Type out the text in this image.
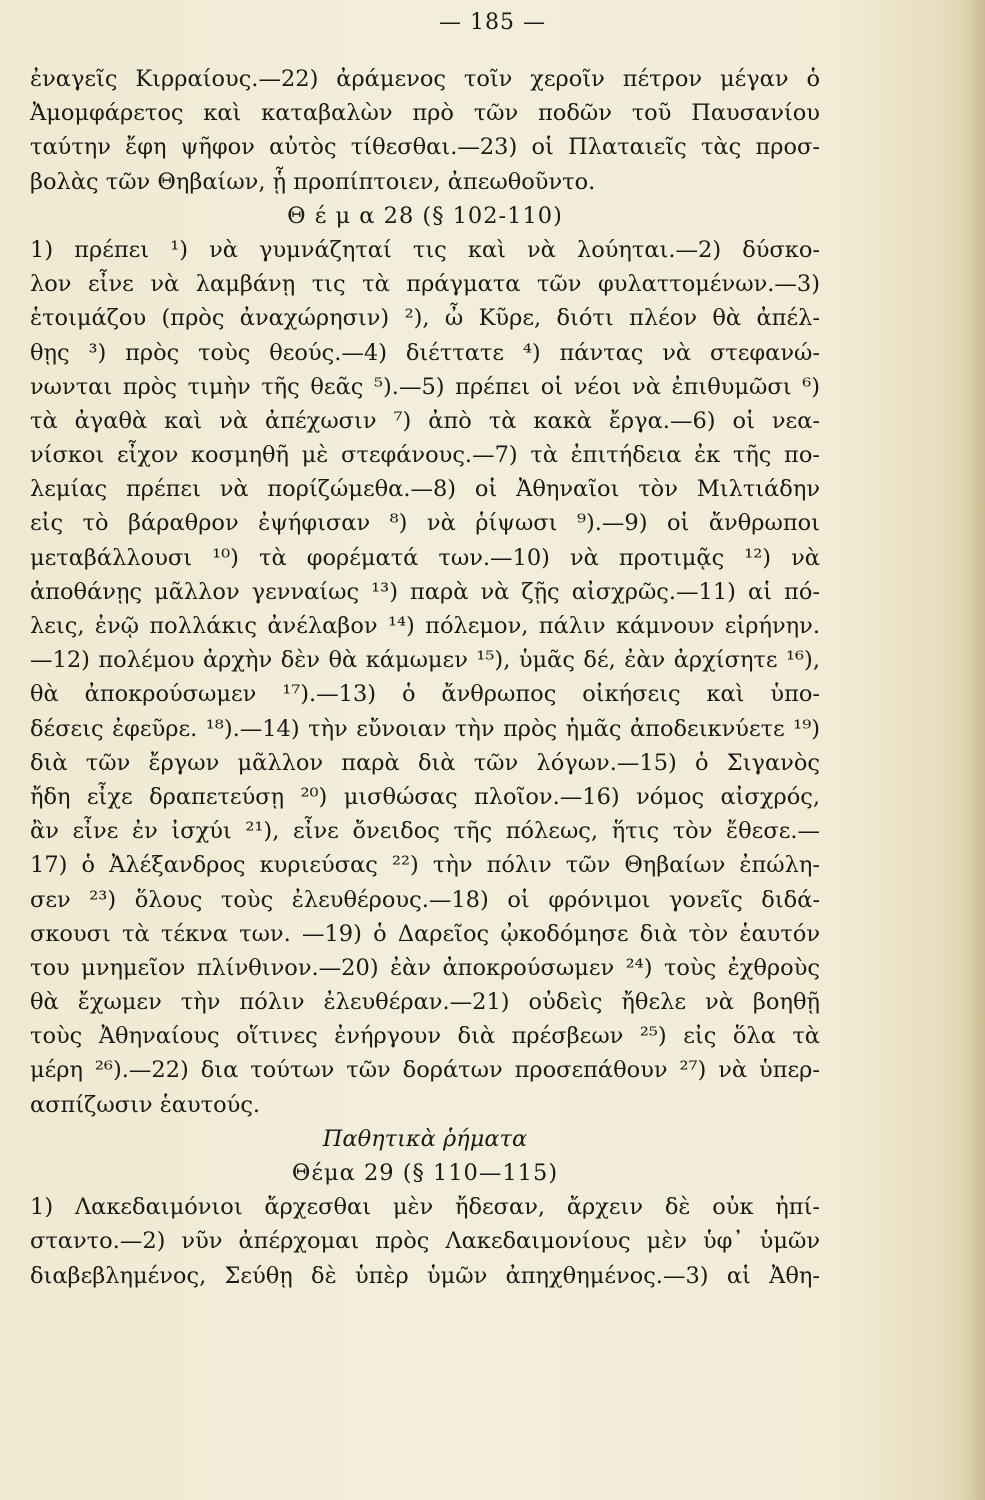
— 185 —
ἐναγεῖς Κιρραίους.—22) ἀράμενος τοῖν χεροῖν πέτρον μέγαν ὁ
Ἀμομφάρετος καὶ καταβαλὼν πρὸ τῶν ποδῶν τοῦ Παυσανίου
ταύτην ἔφη ψῆφον αὐτὸς τίθεσθαι.—23) οἱ Πλαταιεῖς τὰς προσ-
βολὰς τῶν Θηβαίων, ᾗ προπίπτοιεν, ἀπεωθοῦντο.
Θ έ μ α 28 (§ 102-110)
1) πρέπει ¹) νὰ γυμνάζηταί τις καὶ νὰ λούηται.—2) δύσκο-
λον εἶνε νὰ λαμβάνῃ τις τὰ πράγματα τῶν φυλαττομένων.—3)
ἑτοιμάζου (πρὸς ἀναχώρησιν) ²), ὦ Κῦρε, διότι πλέον θὰ ἀπέλ-
θῃς ³) πρὸς τοὺς θεούς.—4) διέττατε ⁴) πάντας νὰ στεφανώ-
νωνται πρὸς τιμὴν τῆς θεᾶς ⁵).—5) πρέπει οἱ νέοι νὰ ἐπιθυμῶσι ⁶)
τὰ ἀγαθὰ καὶ νὰ ἀπέχωσιν ⁷) ἀπὸ τὰ κακὰ ἔργα.—6) οἱ νεα-
νίσκοι εἶχον κοσμηθῆ μὲ στεφάνους.—7) τὰ ἐπιτήδεια ἐκ τῆς πο-
λεμίας πρέπει νὰ πορίζώμεθα.—8) οἱ Ἀθηναῖοι τὸν Μιλτιάδην
εἰς τὸ βάραθρον ἐψήφισαν ⁸) νὰ ῥίψωσι ⁹).—9) οἱ ἄνθρωποι
μεταβάλλουσι ¹⁰) τὰ φορέματά των.—10) νὰ προτιμᾷς ¹²) νὰ
ἀποθάνῃς μᾶλλον γενναίως ¹³) παρὰ νὰ ζῇς αἰσχρῶς.—11) αἱ πό-
λεις, ἐνῷ πολλάκις ἀνέλαβον ¹⁴) πόλεμον, πάλιν κάμνουν εἰρήνην.
—12) πολέμου ἀρχὴν δὲν θὰ κάμωμεν ¹⁵), ὑμᾶς δέ, ἐὰν ἀρχίσητε ¹⁶),
θὰ ἀποκρούσωμεν ¹⁷).—13) ὁ ἄνθρωπος οἰκήσεις καὶ ὑπο-
δέσεις ἐφεῦρε. ¹⁸).—14) τὴν εὔνοιαν τὴν πρὸς ἡμᾶς ἀποδεικνύετε ¹⁹)
διὰ τῶν ἔργων μᾶλλον παρὰ διὰ τῶν λόγων.—15) ὁ Σιγανὸς
ἤδη εἶχε δραπετεύσῃ ²⁰) μισθώσας πλοῖον.—16) νόμος αἰσχρός,
ἂν εἶνε ἐν ἰσχύι ²¹), εἶνε ὄνειδος τῆς πόλεως, ἥτις τὸν ἔθεσε.—
17) ὁ Ἀλέξανδρος κυριεύσας ²²) τὴν πόλιν τῶν Θηβαίων ἐπώλη-
σεν ²³) ὅλους τοὺς ἐλευθέρους.—18) οἱ φρόνιμοι γονεῖς διδά-
σκουσι τὰ τέκνα των. —19) ὁ Δαρεῖος ᾠκοδόμησε διὰ τὸν ἑαυτόν
του μνημεῖον πλίνθινον.—20) ἐὰν ἀποκρούσωμεν ²⁴) τοὺς ἐχθροὺς
θὰ ἔχωμεν τὴν πόλιν ἐλευθέραν.—21) οὐδεὶς ἤθελε νὰ βοηθῇ
τοὺς Ἀθηναίους οἵτινες ἐνήργουν διὰ πρέσβεων ²⁵) εἰς ὅλα τὰ
μέρη ²⁶).—22) δια τούτων τῶν δοράτων προσεπάθουν ²⁷) νὰ ὑπερ-
ασπίζωσιν ἑαυτούς.
Παθητικὰ ῥήματα
Θέμα 29 (§ 110—115)
1) Λακεδαιμόνιοι ἄρχεσθαι μὲν ἤδεσαν, ἄρχειν δὲ οὐκ ἠπί-
σταντο.—2) νῦν ἀπέρχομαι πρὸς Λακεδαιμονίους μὲν ὑφ᾽ ὑμῶν
διαβεβλημένος, Σεύθῃ δὲ ὑπὲρ ὑμῶν ἀπηχθημένος.—3) αἱ Ἀθη-
